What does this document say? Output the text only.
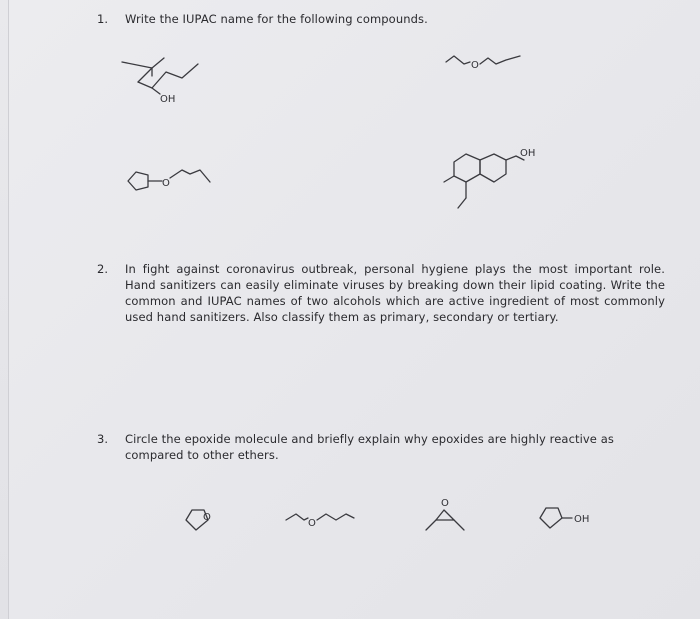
1. Write the IUPAC name for the following compounds.
OH
O
O
OH
2. In fight against coronavirus outbreak, personal hygiene plays the most important role. Hand sanitizers can easily eliminate viruses by breaking down their lipid coating. Write the common and IUPAC names of two alcohols which are active ingredient of most commonly used hand sanitizers. Also classify them as primary, secondary or tertiary.
3. Circle the epoxide molecule and briefly explain why epoxides are highly reactive as compared to other ethers.
O
O
O
OH
